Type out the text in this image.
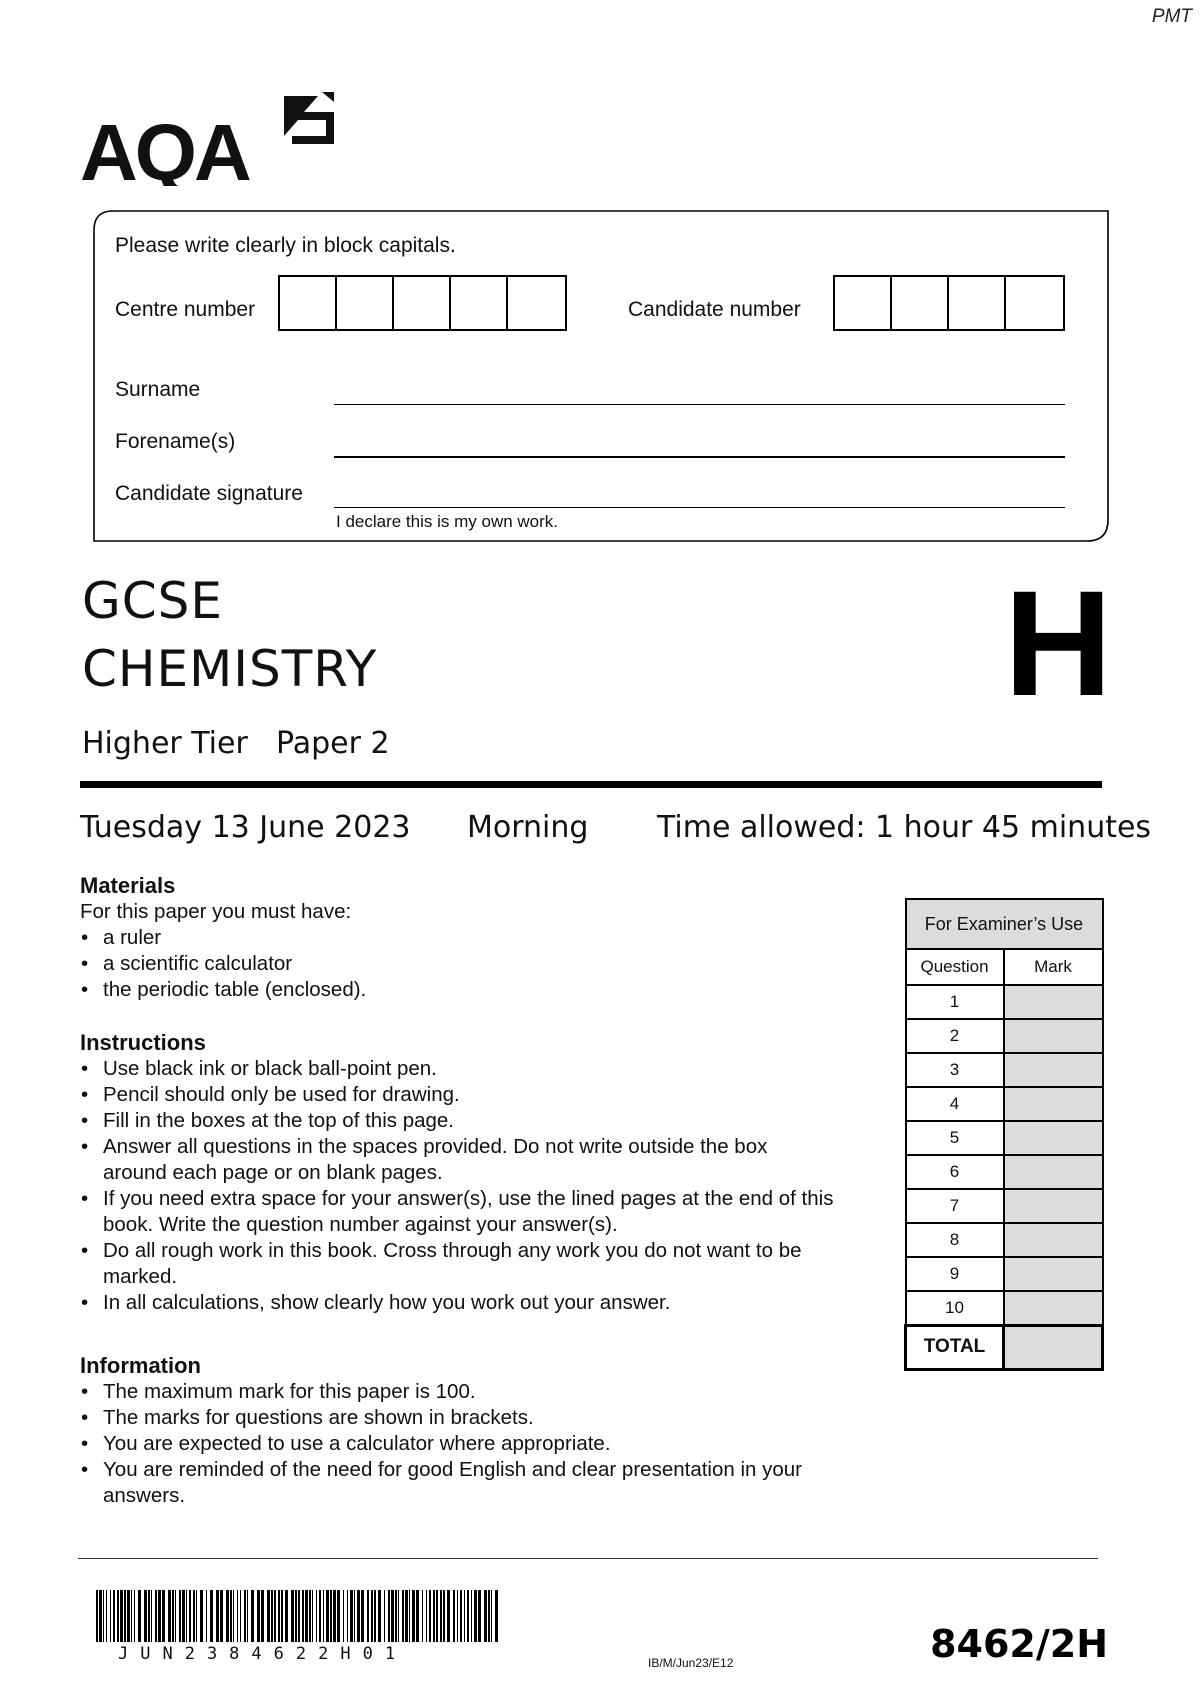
PMT
AQA
Please write clearly in block capitals.
Centre number	Candidate number
Surname
Forename(s)
Candidate signature
I declare this is my own work.
GCSE
CHEMISTRY
Higher Tier Paper 2
H
Tuesday 13 June 2023 Morning Time allowed: 1 hour 45 minutes
Materials
For this paper you must have:
• a ruler
• a scientific calculator
• the periodic table (enclosed).
Instructions
• Use black ink or black ball-point pen.
• Pencil should only be used for drawing.
• Fill in the boxes at the top of this page.
• Answer all questions in the spaces provided. Do not write outside the box around each page or on blank pages.
• If you need extra space for your answer(s), use the lined pages at the end of this book. Write the question number against your answer(s).
• Do all rough work in this book. Cross through any work you do not want to be marked.
• In all calculations, show clearly how you work out your answer.
Information
• The maximum mark for this paper is 100.
• The marks for questions are shown in brackets.
• You are expected to use a calculator where appropriate.
• You are reminded of the need for good English and clear presentation in your answers.
For Examiner’s Use	
Question	Mark
1	
2	
3	
4	
5	
6	
7	
8	
9	
10	
TOTAL	
JUN2384622H01	IB/M/Jun23/E12	8462/2H
